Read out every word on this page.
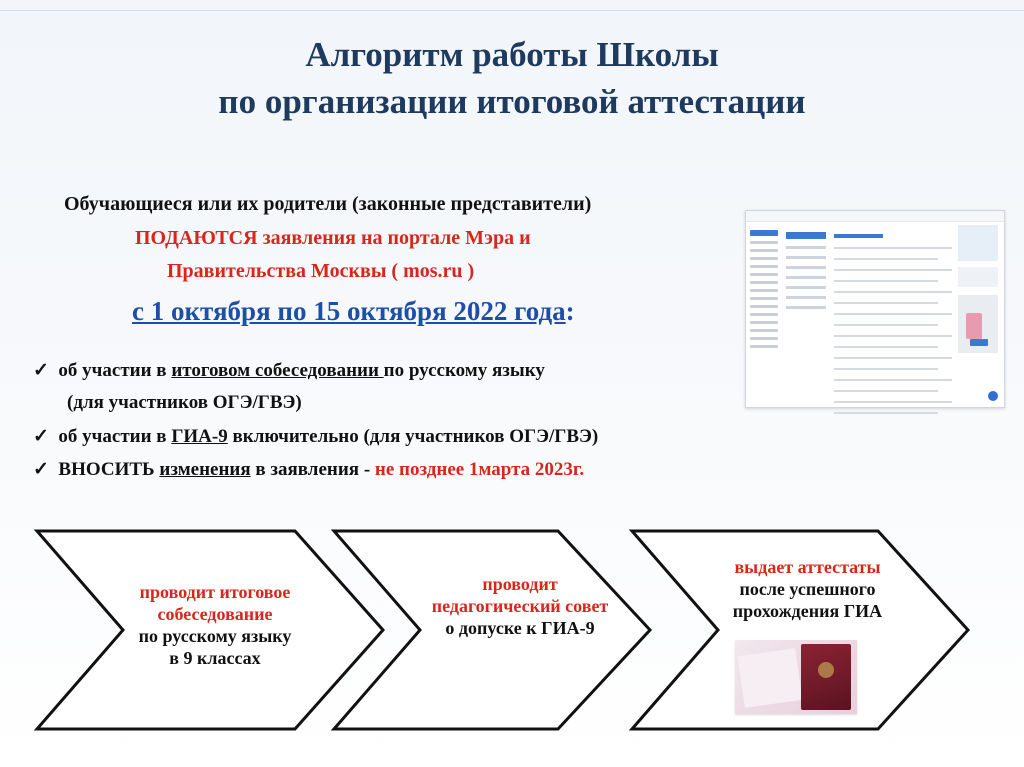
Алгоритм работы Школы
по организации итоговой аттестации
Обучающиеся или их родители (законные представители)
ПОДАЮТСЯ заявления на портале Мэра и
Правительства Москвы ( mos.ru )
с 1 октября по 15 октября 2022 года:
✓ об участии в итоговом собеседовании по русскому языку
(для участников ОГЭ/ГВЭ)
✓ об участии в ГИА-9 включительно (для участников ОГЭ/ГВЭ)
✓ ВНОСИТЬ изменения в заявления - не позднее 1марта 2023г.
проводит итоговое
собеседование
по русскому языку
в 9 классах
проводит
педагогический совет
о допуске к ГИА-9
выдает аттестаты
после успешного
прохождения ГИА
